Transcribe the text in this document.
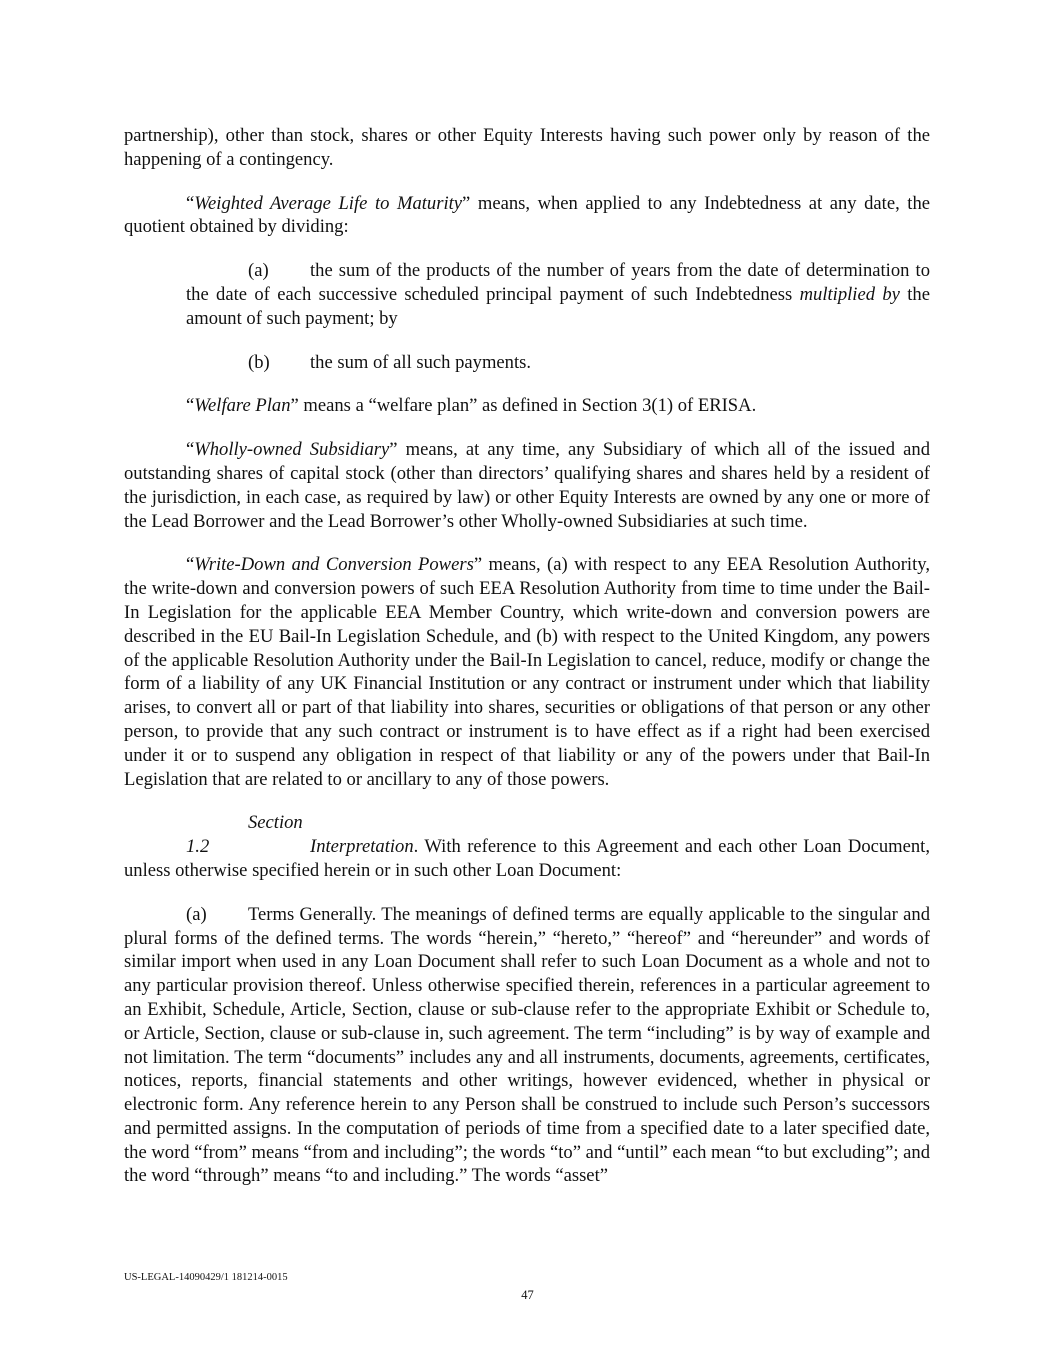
partnership), other than stock, shares or other Equity Interests having such power only by reason of the happening of a contingency.

“Weighted Average Life to Maturity” means, when applied to any Indebtedness at any date, the quotient obtained by dividing:

(a) the sum of the products of the number of years from the date of determination to the date of each successive scheduled principal payment of such Indebtedness multiplied by the amount of such payment; by

(b) the sum of all such payments.

“Welfare Plan” means a “welfare plan” as defined in Section 3(1) of ERISA.

“Wholly-owned Subsidiary” means, at any time, any Subsidiary of which all of the issued and outstanding shares of capital stock (other than directors’ qualifying shares and shares held by a resident of the jurisdiction, in each case, as required by law) or other Equity Interests are owned by any one or more of the Lead Borrower and the Lead Borrower’s other Wholly-owned Subsidiaries at such time.

“Write-Down and Conversion Powers” means, (a) with respect to any EEA Resolution Authority, the write-down and conversion powers of such EEA Resolution Authority from time to time under the Bail-In Legislation for the applicable EEA Member Country, which write-down and conversion powers are described in the EU Bail-In Legislation Schedule, and (b) with respect to the United Kingdom, any powers of the applicable Resolution Authority under the Bail-In Legislation to cancel, reduce, modify or change the form of a liability of any UK Financial Institution or any contract or instrument under which that liability arises, to convert all or part of that liability into shares, securities or obligations of that person or any other person, to provide that any such contract or instrument is to have effect as if a right had been exercised under it or to suspend any obligation in respect of that liability or any of the powers under that Bail-In Legislation that are related to or ancillary to any of those powers.

Section 1.2	Interpretation. With reference to this Agreement and each other Loan Document, unless otherwise specified herein or in such other Loan Document:

(a) Terms Generally. The meanings of defined terms are equally applicable to the singular and plural forms of the defined terms. The words “herein,” “hereto,” “hereof” and “hereunder” and words of similar import when used in any Loan Document shall refer to such Loan Document as a whole and not to any particular provision thereof. Unless otherwise specified therein, references in a particular agreement to an Exhibit, Schedule, Article, Section, clause or sub-clause refer to the appropriate Exhibit or Schedule to, or Article, Section, clause or sub-clause in, such agreement. The term “including” is by way of example and not limitation. The term “documents” includes any and all instruments, documents, agreements, certificates, notices, reports, financial statements and other writings, however evidenced, whether in physical or electronic form. Any reference herein to any Person shall be construed to include such Person’s successors and permitted assigns. In the computation of periods of time from a specified date to a later specified date, the word “from” means “from and including”; the words “to” and “until” each mean “to but excluding”; and the word “through” means “to and including.” The words “asset”

US-LEGAL-14090429/1 181214-0015
47
